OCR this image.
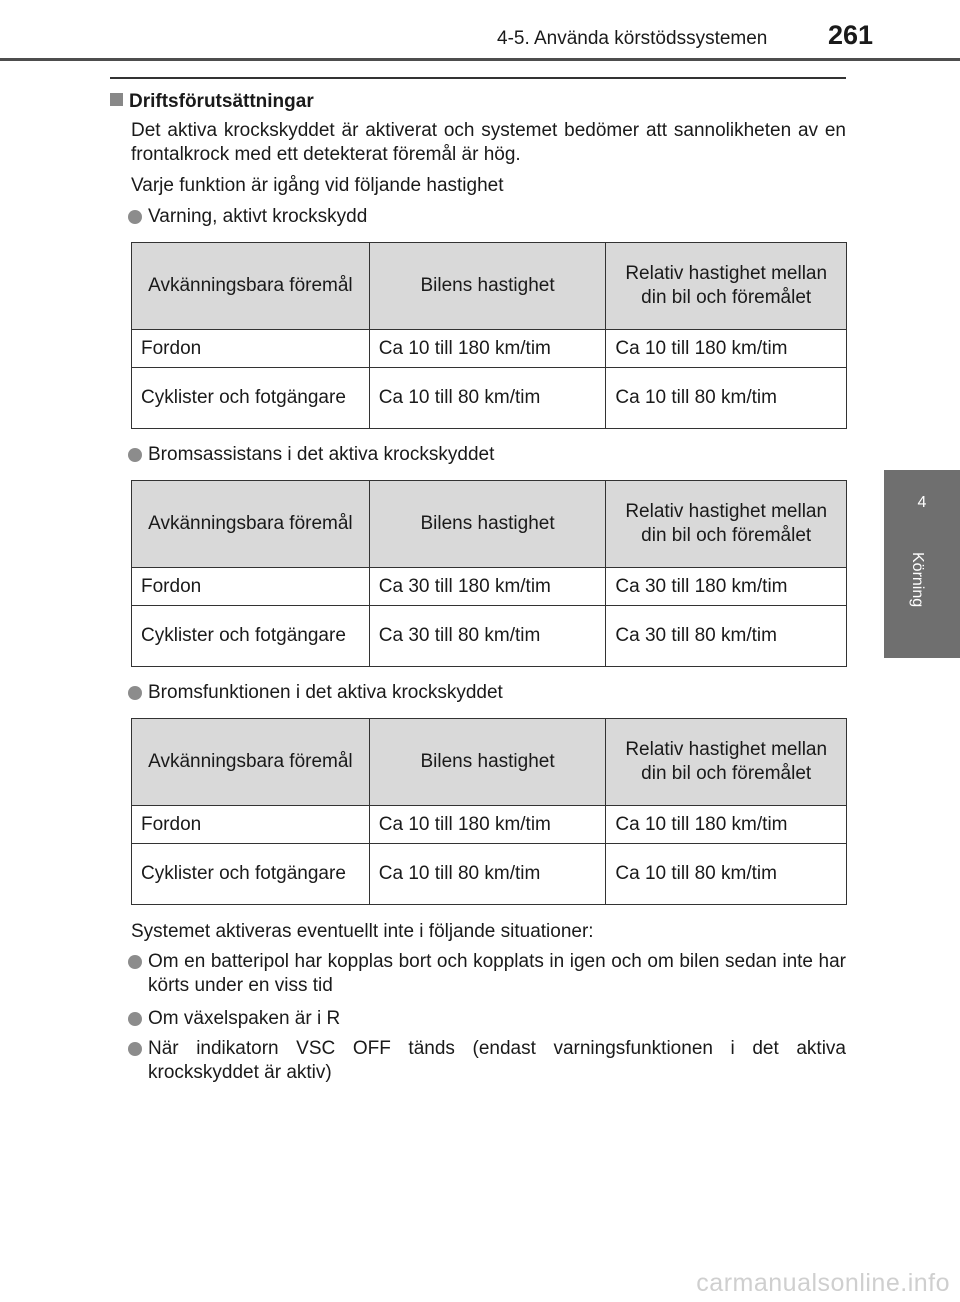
4-5. Använda körstödssystemen 261
4
Körning
Driftsförutsättningar
Det aktiva krockskyddet är aktiverat och systemet bedömer att sannolikheten av en frontalkrock med ett detekterat föremål är hög.
Varje funktion är igång vid följande hastighet
Varning, aktivt krockskydd
Avkänningsbara föremål	Bilens hastighet	Relativ hastighet mellan din bil och föremålet
Fordon	Ca 10 till 180 km/tim	Ca 10 till 180 km/tim
Cyklister och fotgängare	Ca 10 till 80 km/tim	Ca 10 till 80 km/tim
Bromsassistans i det aktiva krockskyddet
Avkänningsbara föremål	Bilens hastighet	Relativ hastighet mellan din bil och föremålet
Fordon	Ca 30 till 180 km/tim	Ca 30 till 180 km/tim
Cyklister och fotgängare	Ca 30 till 80 km/tim	Ca 30 till 80 km/tim
Bromsfunktionen i det aktiva krockskyddet
Avkänningsbara föremål	Bilens hastighet	Relativ hastighet mellan din bil och föremålet
Fordon	Ca 10 till 180 km/tim	Ca 10 till 180 km/tim
Cyklister och fotgängare	Ca 10 till 80 km/tim	Ca 10 till 80 km/tim
Systemet aktiveras eventuellt inte i följande situationer:
Om en batteripol har kopplas bort och kopplats in igen och om bilen sedan inte har körts under en viss tid
Om växelspaken är i R
När indikatorn VSC OFF tänds (endast varningsfunktionen i det aktiva krockskyddet är aktiv)
carmanualsonline.info
